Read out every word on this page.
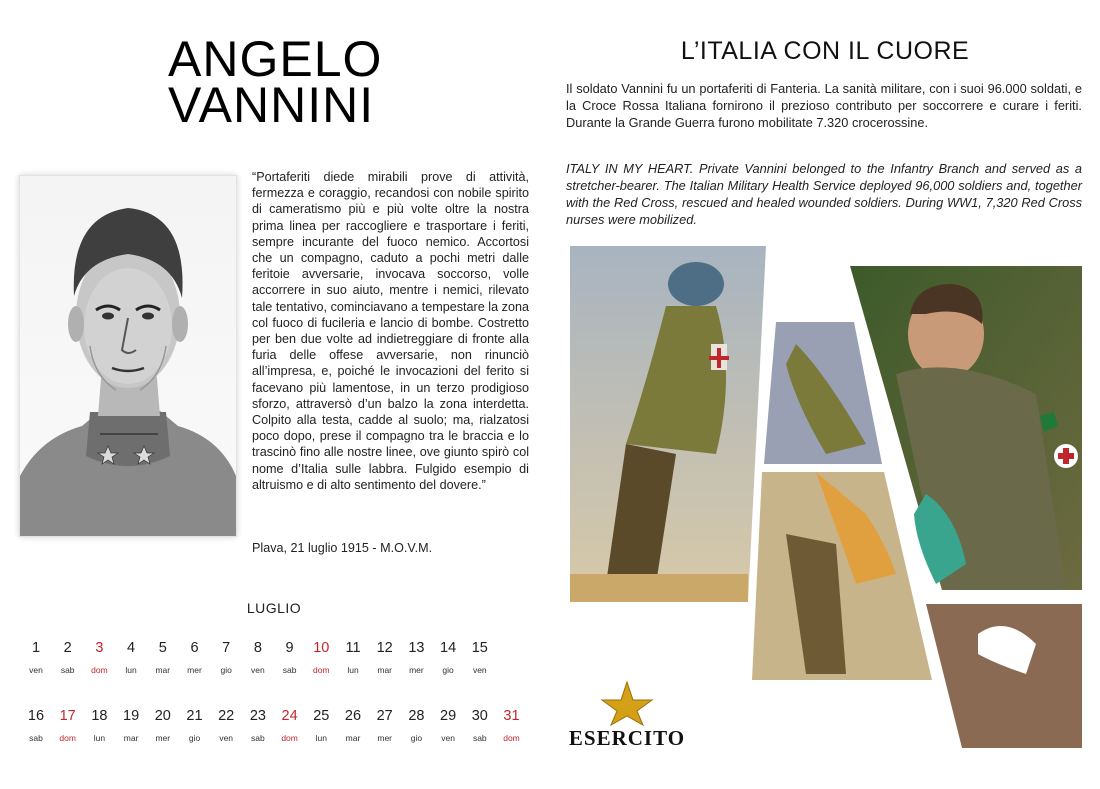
ANGELO
VANNINI
“Portaferiti diede mirabili prove di attività, fermezza e coraggio, recandosi con nobile spirito di cameratismo più e più volte oltre la nostra prima linea per raccogliere e trasportare i feriti, sempre incurante del fuoco nemico. Accortosi che un compagno, caduto a pochi metri dalle feritoie avversarie, invocava soccorso, volle accorrere in suo aiuto, mentre i nemici, rilevato tale tentativo, cominciavano a tempestare la zona col fuoco di fucileria e lancio di bombe. Costretto per ben due volte ad indietreggiare di fronte alla furia delle offese avversarie, non rinunciò all’impresa, e, poiché le invocazioni del ferito si facevano più lamentose, in un terzo prodigioso sforzo, attraversò d’un balzo la zona interdetta. Colpito alla testa, cadde al suolo; ma, rialzatosi poco dopo, prese il compagno tra le braccia e lo trascinò fino alle nostre linee, ove giunto spirò col nome d’Italia sulle labbra. Fulgido esempio di altruismo e di alto sentimento del dovere.”
Plava, 21 luglio 1915 - M.O.V.M.
LUGLIO
1
ven
2
sab
3
dom
4
lun
5
mar
6
mer
7
gio
8
ven
9
sab
10
dom
11
lun
12
mar
13
mer
14
gio
15
ven
16
sab
17
dom
18
lun
19
mar
20
mer
21
gio
22
ven
23
sab
24
dom
25
lun
26
mar
27
mer
28
gio
29
ven
30
sab
31
dom
L’ITALIA CON IL CUORE
Il soldato Vannini fu un portaferiti di Fanteria. La sanità militare, con i suoi 96.000 soldati, e la Croce Rossa Italiana fornirono il prezioso contributo per soccorrere e curare i feriti. Durante la Grande Guerra furono mobilitate 7.320 crocerossine.
ITALY IN MY HEART. Private Vannini belonged to the Infantry Branch and served as a stretcher-bearer. The Italian Military Health Service deployed 96,000 soldiers and, together with the Red Cross, rescued and healed wounded soldiers. During WW1, 7,320 Red Cross nurses were mobilized.
ESERCITO
